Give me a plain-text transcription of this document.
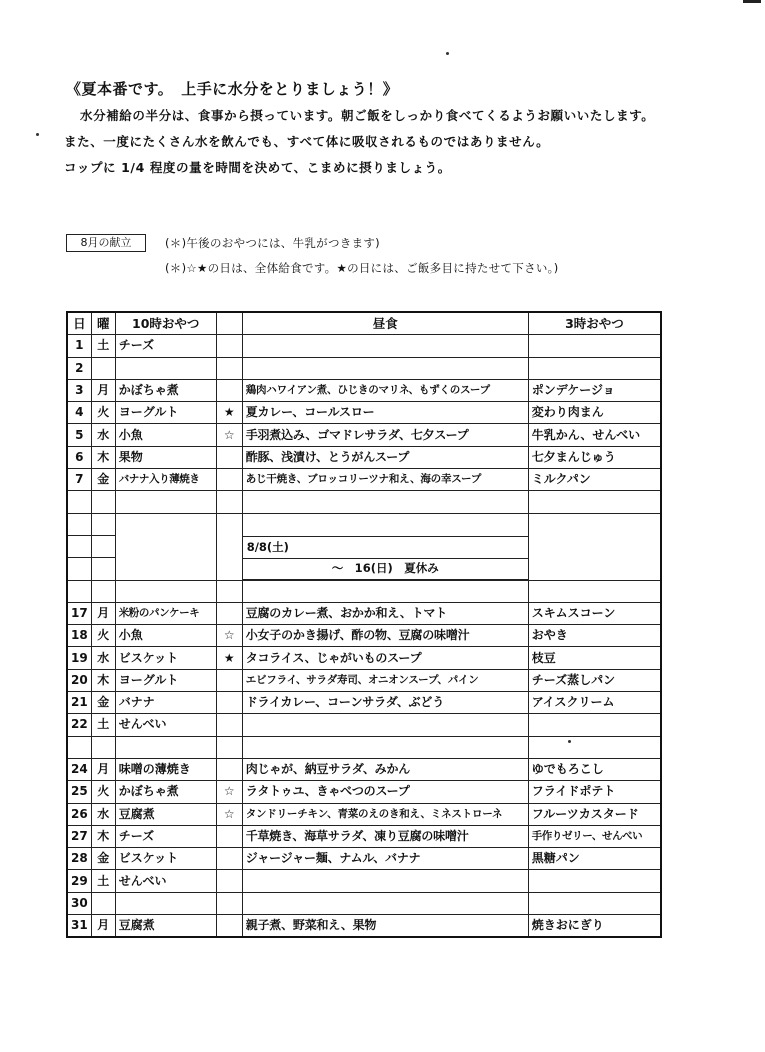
《夏本番です。　上手に水分をとりましょう！》
水分補給の半分は、食事から摂っています。朝ご飯をしっかり食べてくるようお願いいたします。
また、一度にたくさん水を飲んでも、すべて体に吸収されるものではありません。
コップに 1/4 程度の量を時間を決めて、こまめに摂りましょう。
8月の献立	(＊)午後のおやつには、牛乳がつきます)
(＊)☆★の日は、全体給食です。★の日には、ご飯多目に持たせて下さい。)
日	曜	10時おやつ		昼食	3時おやつ
1	土	チーズ			
2					
3	月	かぼちゃ煮		鶏肉ハワイアン煮、ひじきのマリネ、もずくのスープ	ポンデケージョ
4	火	ヨーグルト	★	夏カレー、コールスロー	変わり肉まん
5	水	小魚	☆	手羽煮込み、ゴマドレサラダ、七夕スープ	牛乳かん、せんべい
6	木	果物		酢豚、浅漬け、とうがんスープ	七夕まんじゅう
7	金	バナナ入り薄焼き		あじ干焼き、ブロッコリーツナ和え、海の幸スープ	ミルクパン

				8/8(土)
～　16(日)　夏休み	

17	月	米粉のパンケーキ		豆腐のカレー煮、おかか和え、トマト	スキムスコーン
18	火	小魚	☆	小女子のかき揚げ、酢の物、豆腐の味噌汁	おやき
19	水	ビスケット	★	タコライス、じゃがいものスープ	枝豆
20	木	ヨーグルト		エビフライ、サラダ寿司、オニオンスープ、パイン	チーズ蒸しパン
21	金	バナナ		ドライカレー、コーンサラダ、ぶどう	アイスクリーム
22	土	せんべい			

24	月	味噌の薄焼き		肉じゃが、納豆サラダ、みかん	ゆでもろこし
25	火	かぼちゃ煮	☆	ラタトゥユ、きゃべつのスープ	フライドポテト
26	水	豆腐煮	☆	タンドリーチキン、青菜のえのき和え、ミネストローネ	フルーツカスタード
27	木	チーズ		千草焼き、海草サラダ、凍り豆腐の味噌汁	手作りゼリー、せんべい
28	金	ビスケット		ジャージャー麺、ナムル、バナナ	黒糖パン
29	土	せんべい			
30					
31	月	豆腐煮		親子煮、野菜和え、果物	焼きおにぎり
